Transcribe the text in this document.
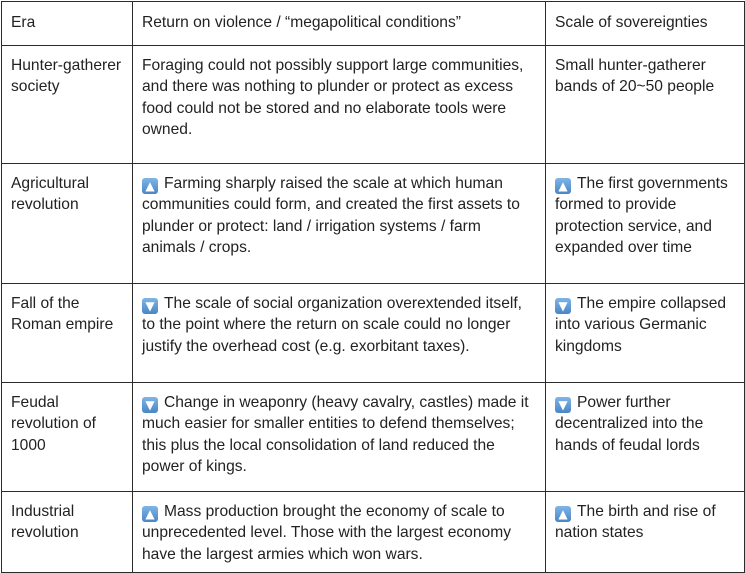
Era	Return on violence / “megapolitical conditions”	Scale of sovereignties
Hunter-gatherer society	Foraging could not possibly support large communities, and there was nothing to plunder or protect as excess food could not be stored and no elaborate tools were owned.	Small hunter-gatherer bands of 20~50 people
Agricultural revolution	▲ Farming sharply raised the scale at which human communities could form, and created the first assets to plunder or protect: land / irrigation systems / farm animals / crops.	▲ The first governments formed to provide protection service, and expanded over time
Fall of the Roman empire	▼ The scale of social organization overextended itself, to the point where the return on scale could no longer justify the overhead cost (e.g. exorbitant taxes).	▼ The empire collapsed into various Germanic kingdoms
Feudal revolution of 1000	▼ Change in weaponry (heavy cavalry, castles) made it much easier for smaller entities to defend themselves; this plus the local consolidation of land reduced the power of kings.	▼ Power further decentralized into the hands of feudal lords
Industrial revolution	▲ Mass production brought the economy of scale to unprecedented level. Those with the largest economy have the largest armies which won wars.	▲ The birth and rise of nation states
